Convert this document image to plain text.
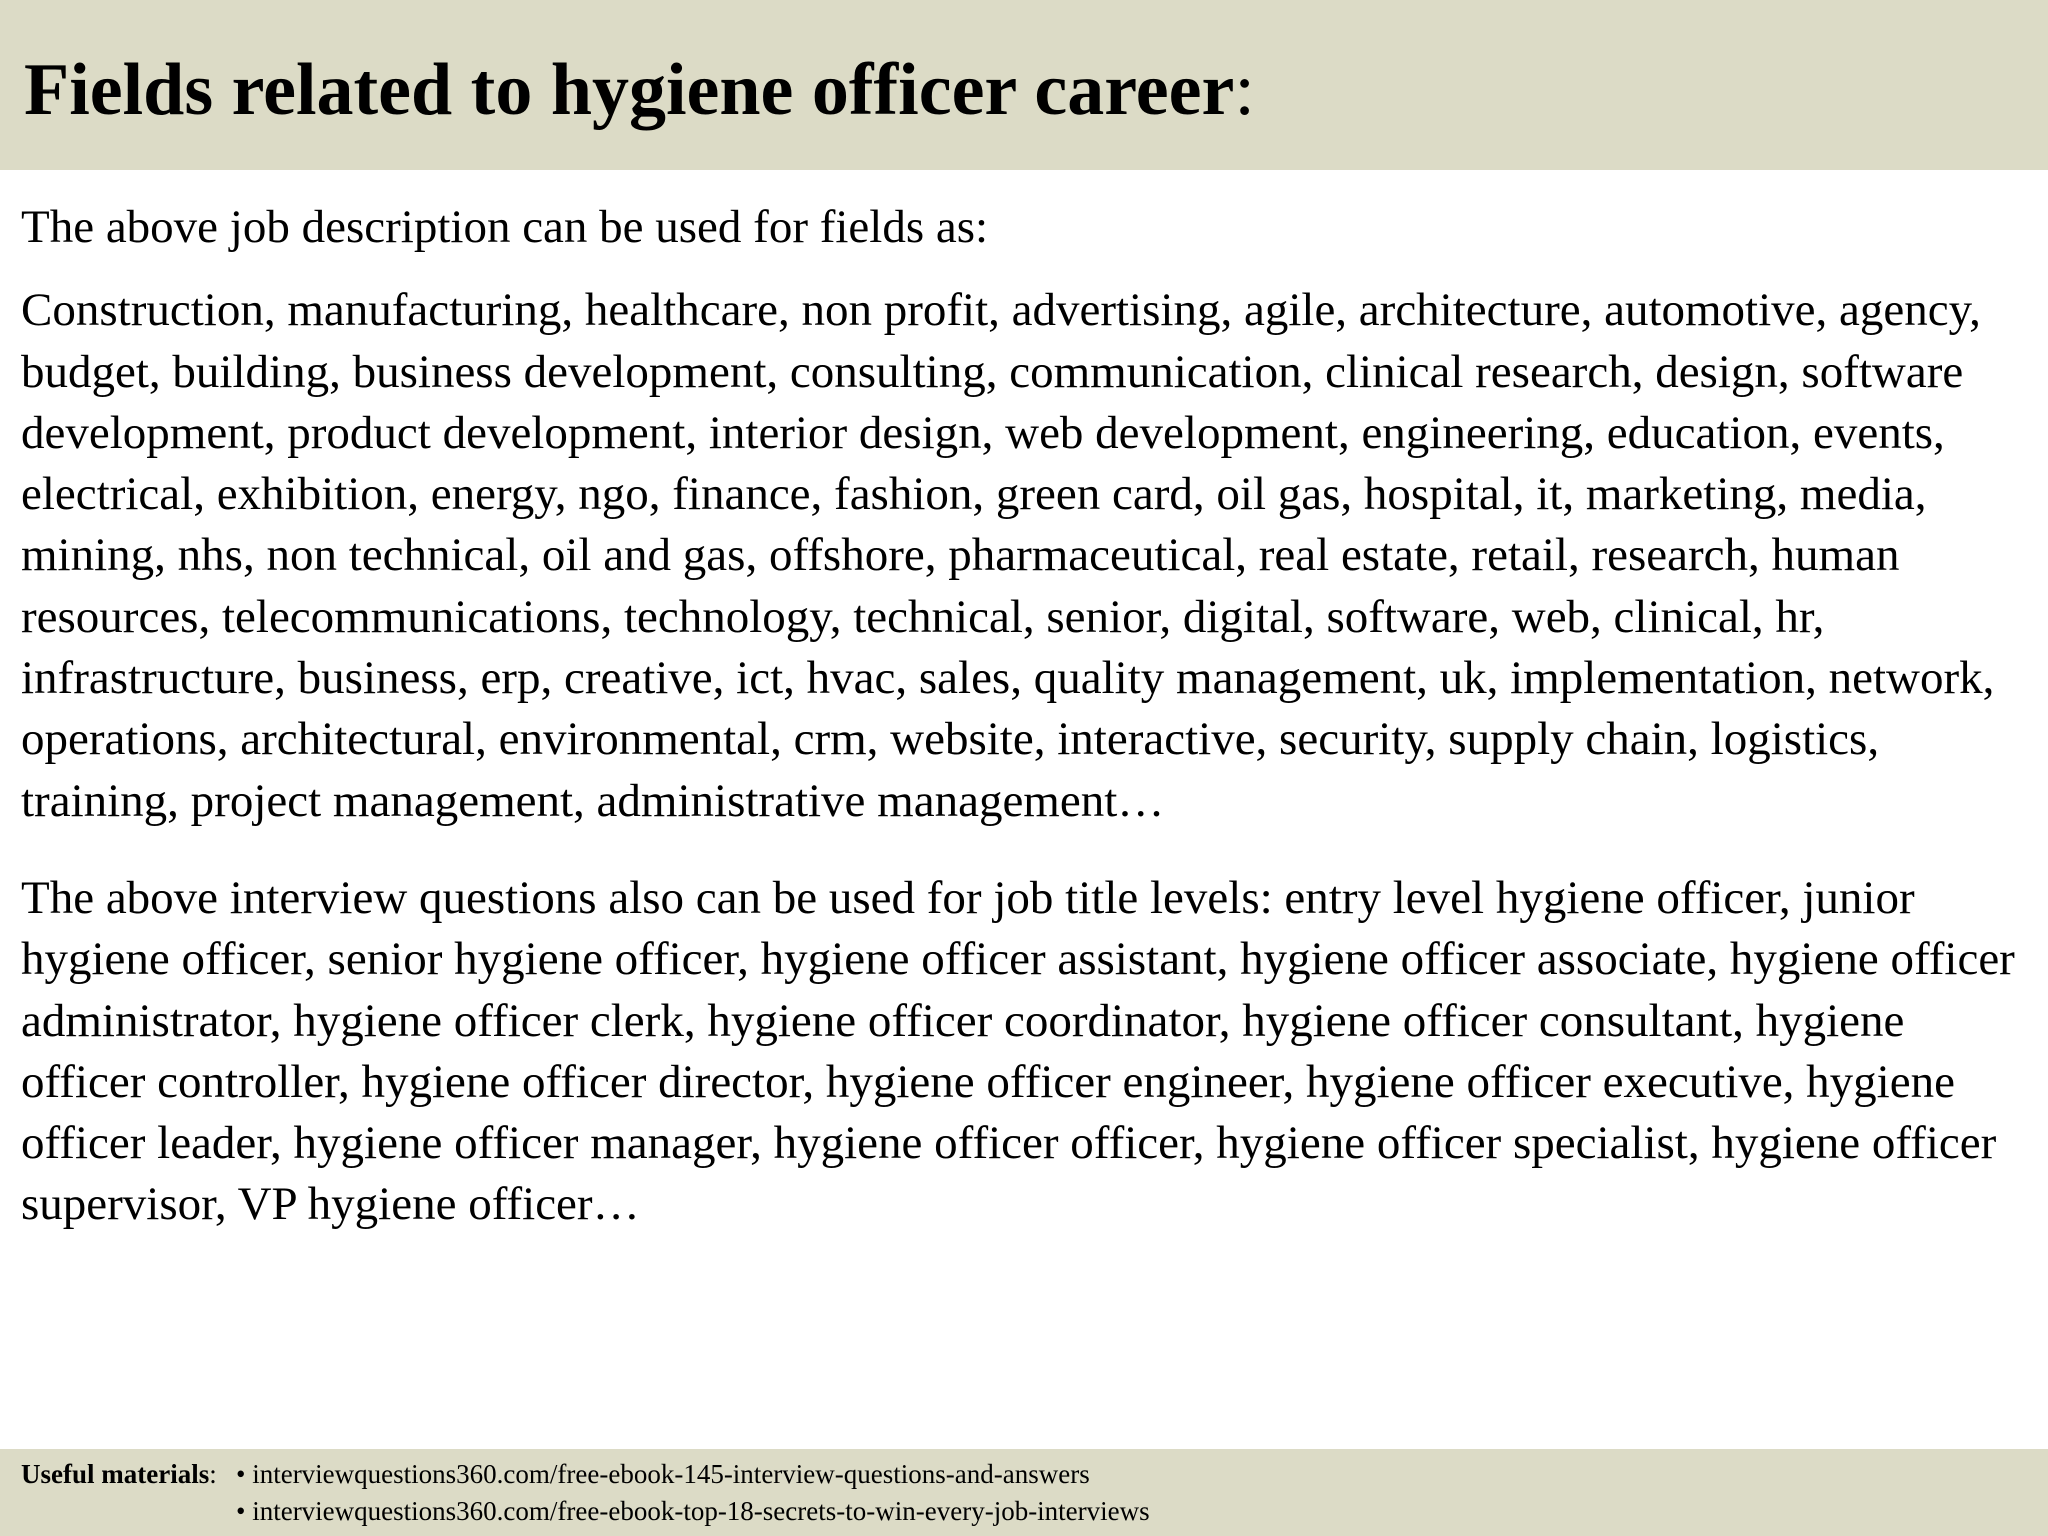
Fields related to hygiene officer career:

The above job description can be used for fields as:

Construction, manufacturing, healthcare, non profit, advertising, agile, architecture, automotive, agency, budget, building, business development, consulting, communication, clinical research, design, software development, product development, interior design, web development, engineering, education, events, electrical, exhibition, energy, ngo, finance, fashion, green card, oil gas, hospital, it, marketing, media, mining, nhs, non technical, oil and gas, offshore, pharmaceutical, real estate, retail, research, human resources, telecommunications, technology, technical, senior, digital, software, web, clinical, hr, infrastructure, business, erp, creative, ict, hvac, sales, quality management, uk, implementation, network, operations, architectural, environmental, crm, website, interactive, security, supply chain, logistics, training, project management, administrative management…

The above interview questions also can be used for job title levels: entry level hygiene officer, junior hygiene officer, senior hygiene officer, hygiene officer assistant, hygiene officer associate, hygiene officer administrator, hygiene officer clerk, hygiene officer coordinator, hygiene officer consultant, hygiene officer controller, hygiene officer director, hygiene officer engineer, hygiene officer executive, hygiene officer leader, hygiene officer manager, hygiene officer officer, hygiene officer specialist, hygiene officer supervisor, VP hygiene officer…

Useful materials: • interviewquestions360.com/free-ebook-145-interview-questions-and-answers
• interviewquestions360.com/free-ebook-top-18-secrets-to-win-every-job-interviews
